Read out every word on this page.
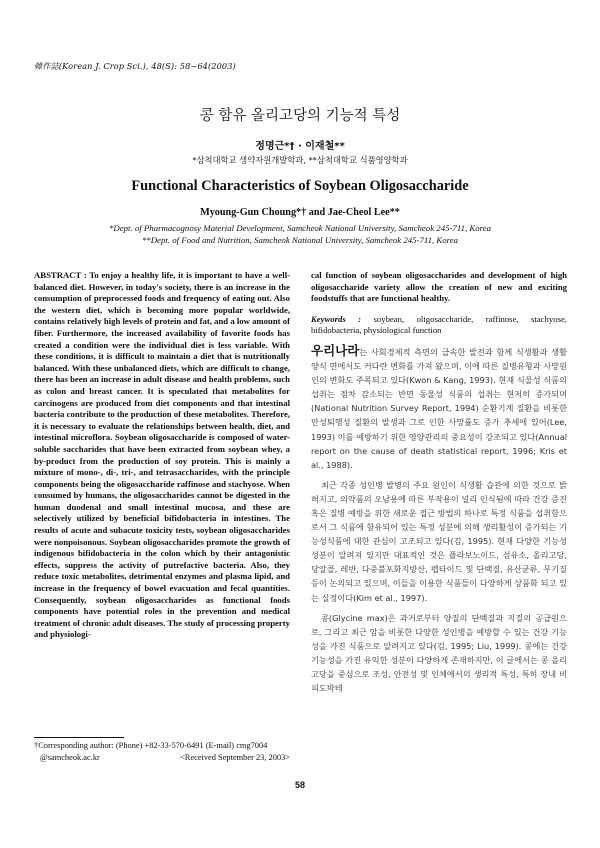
韓作誌(Korean J. Crop Sci.), 48(S): 58~64(2003)
콩 함유 올리고당의 기능적 특성
정명근*† · 이재철**
*삼척대학교 생약자원개발학과, **삼척대학교 식품영양학과
Functional Characteristics of Soybean Oligosaccharide
Myoung-Gun Choung*† and Jae-Cheol Lee**
*Dept. of Pharmacognosy Material Development, Samcheok National University, Samcheok 245-711, Korea
**Dept. of Food and Nutrition, Samcheok National University, Samcheok 245-711, Korea
ABSTRACT : To enjoy a healthy life, it is important to have a well-balanced diet. However, in today's society, there is an increase in the consumption of preprocessed foods and frequency of eating out. Also the western diet, which is becoming more popular worldwide, contains relatively high levels of protein and fat, and a low amount of fiber. Furthermore, the increased availability of favorite foods has created a condition were the individual diet is less variable. With these conditions, it is difficult to maintain a diet that is nutritionally balanced. With these unbalanced diets, which are difficult to change, there has been an increase in adult disease and health problems, such as colon and breast cancer. It is speculated that metabolites for carcinogens are produced from diet components and that intestinal bacteria contribute to the production of these metabolites. Therefore, it is necessary to evaluate the relationships between health, diet, and intestinal microflora. Soybean oligosaccharide is composed of water-soluble saccharides that have been extracted from soybean whey, a by-product from the production of soy protein. This is mainly a mixture of mono-, di-, tri-, and tetrasaccharides, with the principle components being the oligosaccharide raffinose and stachyose. When consumed by humans, the oligosaccharides cannot be digested in the human duodenal and small intestinal mucosa, and these are selectively utilized by beneficial bifidobacteria in intestines. The results of acute and subacute toxicity tests, soybean oligosaccharides were nonpoisonous. Soybean oligosaccharides promote the growth of indigenous bifidobacteria in the colon which by their antagonistic effects, suppress the activity of putrefactive bacteria. Also, they reduce toxic metabolites, detrimental enzymes and plasma lipid, and increase in the frequency of bowel evacuation and fecal quantities. Consequently, soybean oligosaccharides as functional foods components have potential roles in the prevention and medical treatment of chronic adult diseases. The study of processing property and physiologi-
cal function of soybean oligosaccharides and development of high oligosaccharide variety allow the creation of new and exciting foodstuffs that are functional healthy.
Keywords : soybean, oligosaccharide, raffinose, stachyose, bifidobacteria, physiological function
우리나라는 사회경제적 측면의 급속한 발전과 함께 식생활과 생활양식 면에서도 커다란 변화를 가져 왔으며, 이에 따른 질병유형과 사망원인의 변화도 주목되고 있다(Kwon & Kang, 1993). 현재 식물성 식품의 섭취는 점차 감소되는 반면 동물성 식품의 섭취는 현저히 증가되며(National Nutrition Survey Report, 1994) 순환기계 질환을 비롯한 만성퇴행성 질환의 발생과 그로 인한 사망률도 증가 추세에 있어(Lee, 1993) 이를 예방하기 위한 영양관리의 중요성이 강조되고 있다(Annual report on the cause of death statistical report, 1996; Kris et al., 1988).
최근 각종 성인병 발병의 주요 원인이 식생활 습관에 의한 것으로 밝혀지고, 의약품의 오남용에 따른 부작용이 널리 인식됨에 따라 건강 증진 혹은 질병 예방을 위한 새로운 접근 방법의 하나로 특정 식품을 섭취함으로서 그 식품에 함유되어 있는 특정 성분에 의해 생리활성이 증가되는 기능성식품에 대한 관심이 고조되고 있다(김, 1995). 현재 다양한 기능성 성분이 알려져 있지만 대표적인 것은 플라보노이드, 섬유소, 올리고당, 당알콜, 레반, 다중불포화지방산, 펩타이드 및 단백질, 유산균류, 무기질 등이 논의되고 있으며, 이들을 이용한 식품들이 다양하게 상품화 되고 있는 실정이다(Kim et al., 1997).
콩(Glycine max)은 과거로부터 양질의 단백질과 지질의 공급원으로, 그리고 최근 암을 비롯한 다양한 성인병을 예방할 수 있는 건강 기능성을 가진 식품으로 알려지고 있다(김, 1995; Liu, 1999). 콩에는 건강 기능성을 가진 유익한 성분이 다양하게 존재하지만, 이 글에서는 콩 올리고당을 중심으로 조성, 안전성 및 인체에서의 생리적 특성, 특히 장내 비피도박테
†Corresponding author: (Phone) +82-33-570-6491 (E-mail) cmg7004
@samcheok.ac.kr	<Received September 23, 2003>
58
